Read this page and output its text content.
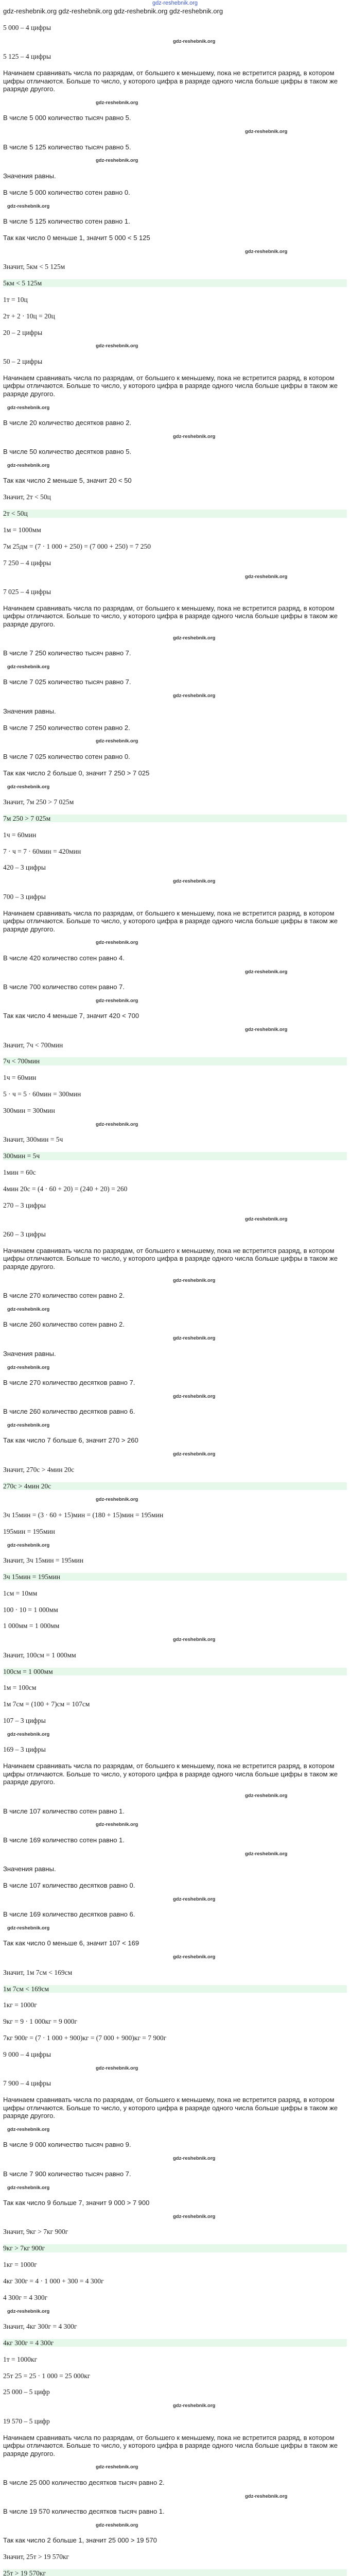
gdz-reshebnik.org
gdz-reshebnik.org gdz-reshebnik.org gdz-reshebnik.org gdz-reshebnik.org
5 000 – 4 цифры
gdz-reshebnik.org
5 125 – 4 цифры
Начинаем сравнивать числа по разрядам, от большего к меньшему, пока не встретится разряд, в котором цифры отличаются. Больше то число, у которого цифра в разряде одного числа больше цифры в таком же разряде другого.
gdz-reshebnik.org
В числе 5 000 количество тысяч равно 5.
gdz-reshebnik.org
В числе 5 125 количество тысяч равно 5.
gdz-reshebnik.org
Значения равны.
В числе 5 000 количество сотен равно 0.
gdz-reshebnik.org
В числе 5 125 количество сотен равно 1.
Так как число 0 меньше 1, значит 5 000 < 5 125
gdz-reshebnik.org
Значит, 5км < 5 125м
5км < 5 125м
1т = 10ц
2т + 2 · 10ц = 20ц
20 – 2 цифры
gdz-reshebnik.org
50 – 2 цифры
Начинаем сравнивать числа по разрядам, от большего к меньшему, пока не встретится разряд, в котором цифры отличаются. Больше то число, у которого цифра в разряде одного числа больше цифры в таком же разряде другого.
gdz-reshebnik.org
В числе 20 количество десятков равно 2.
gdz-reshebnik.org
В числе 50 количество десятков равно 5.
gdz-reshebnik.org
Так как число 2 меньше 5, значит 20 < 50
Значит, 2т < 50ц
2т < 50ц
1м = 1000мм
7м 25дм = (7 · 1 000 + 250) = (7 000 + 250) = 7 250
7 250 – 4 цифры
gdz-reshebnik.org
7 025 – 4 цифры
Начинаем сравнивать числа по разрядам, от большего к меньшему, пока не встретится разряд, в котором цифры отличаются. Больше то число, у которого цифра в разряде одного числа больше цифры в таком же разряде другого.
gdz-reshebnik.org
В числе 7 250 количество тысяч равно 7.
gdz-reshebnik.org
В числе 7 025 количество тысяч равно 7.
gdz-reshebnik.org
Значения равны.
В числе 7 250 количество сотен равно 2.
gdz-reshebnik.org
В числе 7 025 количество сотен равно 0.
Так как число 2 больше 0, значит 7 250 > 7 025
gdz-reshebnik.org
Значит, 7м 250 > 7 025м
7м 250 > 7 025м
1ч = 60мин
7 · ч = 7 · 60мин = 420мин
420 – 3 цифры
gdz-reshebnik.org
700 – 3 цифры
Начинаем сравнивать числа по разрядам, от большего к меньшему, пока не встретится разряд, в котором цифры отличаются. Больше то число, у которого цифра в разряде одного числа больше цифры в таком же разряде другого.
gdz-reshebnik.org
В числе 420 количество сотен равно 4.
gdz-reshebnik.org
В числе 700 количество сотен равно 7.
gdz-reshebnik.org
Так как число 4 меньше 7, значит 420 < 700
gdz-reshebnik.org
Значит, 7ч < 700мин
7ч < 700мин
1ч = 60мин
5 · ч = 5 · 60мин = 300мин
300мин = 300мин
gdz-reshebnik.org
Значит, 300мин = 5ч
300мин = 5ч
1мин = 60с
4мин 20с = (4 · 60 + 20) = (240 + 20) = 260
270 – 3 цифры
gdz-reshebnik.org
260 – 3 цифры
Начинаем сравнивать числа по разрядам, от большего к меньшему, пока не встретится разряд, в котором цифры отличаются. Больше то число, у которого цифра в разряде одного числа больше цифры в таком же разряде другого.
gdz-reshebnik.org
В числе 270 количество сотен равно 2.
gdz-reshebnik.org
В числе 260 количество сотен равно 2.
gdz-reshebnik.org
Значения равны.
gdz-reshebnik.org
В числе 270 количество десятков равно 7.
gdz-reshebnik.org
В числе 260 количество десятков равно 6.
gdz-reshebnik.org
Так как число 7 больше 6, значит 270 > 260
gdz-reshebnik.org
Значит, 270с > 4мин 20с
270с > 4мин 20с
gdz-reshebnik.org
3ч 15мин = (3 · 60 + 15)мин = (180 + 15)мин = 195мин
195мин = 195мин
gdz-reshebnik.org
Значит, 3ч 15мин = 195мин
3ч 15мин = 195мин
1см = 10мм
100 · 10 = 1 000мм
1 000мм = 1 000мм
gdz-reshebnik.org
Значит, 100см = 1 000мм
100см = 1 000мм
1м = 100см
1м 7см = (100 + 7)см = 107см
107 – 3 цифры
gdz-reshebnik.org
169 – 3 цифры
Начинаем сравнивать числа по разрядам, от большего к меньшему, пока не встретится разряд, в котором цифры отличаются. Больше то число, у которого цифра в разряде одного числа больше цифры в таком же разряде другого.
gdz-reshebnik.org
В числе 107 количество сотен равно 1.
gdz-reshebnik.org
В числе 169 количество сотен равно 1.
gdz-reshebnik.org
Значения равны.
В числе 107 количество десятков равно 0.
gdz-reshebnik.org
В числе 169 количество десятков равно 6.
gdz-reshebnik.org
Так как число 0 меньше 6, значит 107 < 169
gdz-reshebnik.org
Значит, 1м 7см < 169см
1м 7см < 169см
1кг = 1000г
9кг = 9 · 1 000кг = 9 000г
7кг 900г = (7 · 1 000 + 900)кг = (7 000 + 900)кг = 7 900г
9 000 – 4 цифры
gdz-reshebnik.org
7 900 – 4 цифры
Начинаем сравнивать числа по разрядам, от большего к меньшему, пока не встретится разряд, в котором цифры отличаются. Больше то число, у которого цифра в разряде одного числа больше цифры в таком же разряде другого.
gdz-reshebnik.org
В числе 9 000 количество тысяч равно 9.
gdz-reshebnik.org
В числе 7 900 количество тысяч равно 7.
gdz-reshebnik.org
Так как число 9 больше 7, значит 9 000 > 7 900
gdz-reshebnik.org
Значит, 9кг > 7кг 900г
9кг > 7кг 900г
1кг = 1000г
4кг 300г = 4 · 1 000 + 300 = 4 300г
4 300г = 4 300г
gdz-reshebnik.org
Значит, 4кг 300г = 4 300г
4кг 300г = 4 300г
1т = 1000кг
25т 25 = 25 · 1 000 = 25 000кг
25 000 – 5 цифр
gdz-reshebnik.org
19 570 – 5 цифр
Начинаем сравнивать числа по разрядам, от большего к меньшему, пока не встретится разряд, в котором цифры отличаются. Больше то число, у которого цифра в разряде одного числа больше цифры в таком же разряде другого.
gdz-reshebnik.org
В числе 25 000 количество десятков тысяч равно 2.
gdz-reshebnik.org
В числе 19 570 количество десятков тысяч равно 1.
gdz-reshebnik.org
Так как число 2 больше 1, значит 25 000 > 19 570
Значит, 25т > 19 570кг
25т > 19 570кг
